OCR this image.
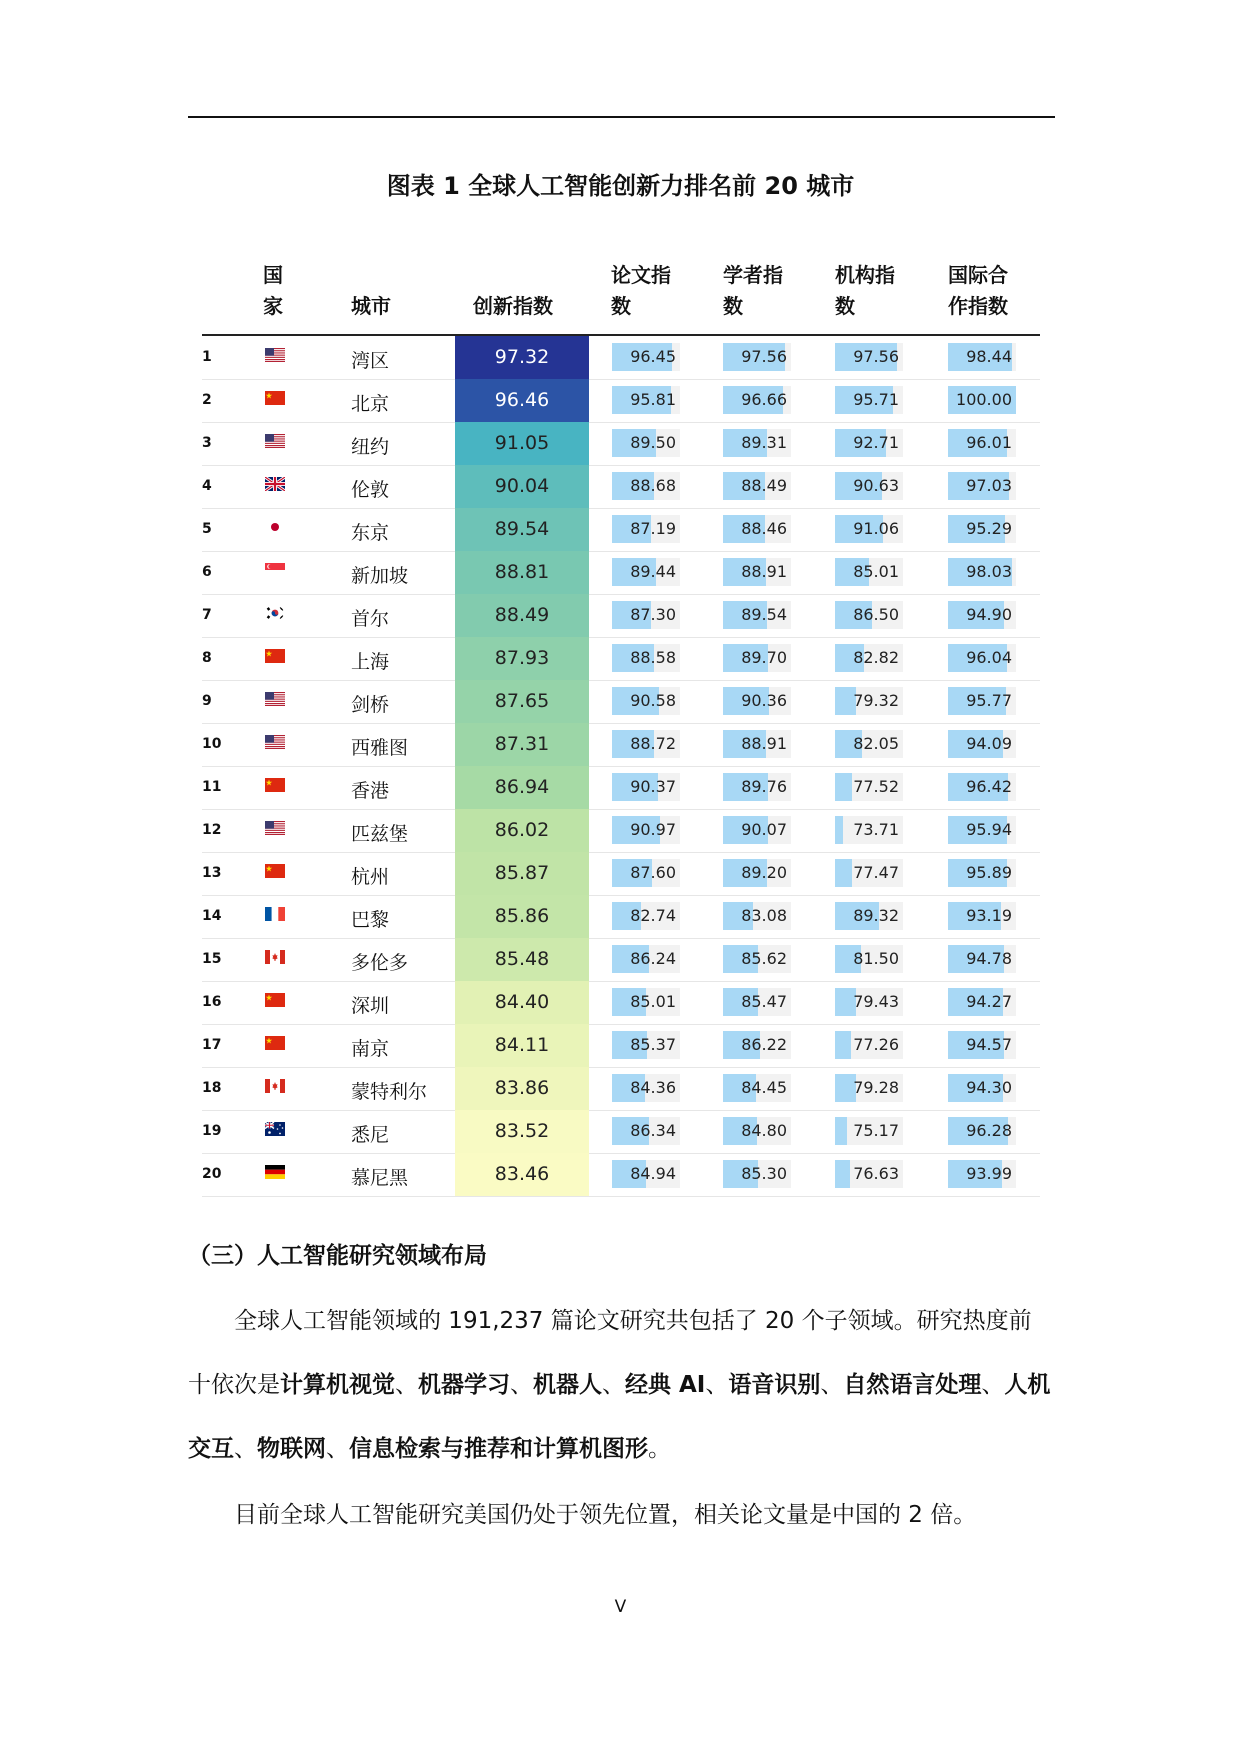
图表 1 全球人工智能创新力排名前 20 城市
国
家	城市	创新指数
论文指
数
学者指
数
机构指
数
国际合
作指数
1	湾区	97.32	96.45	97.56	97.56	98.44
2	北京	96.46	95.81	96.66	95.71	100.00
3	纽约	91.05	89.50	89.31	92.71	96.01
4	伦敦	90.04	88.68	88.49	90.63	97.03
5	东京	89.54	87.19	88.46	91.06	95.29
6	新加坡	88.81	89.44	88.91	85.01	98.03
7	首尔	88.49	87.30	89.54	86.50	94.90
8	上海	87.93	88.58	89.70	82.82	96.04
9	剑桥	87.65	90.58	90.36	79.32	95.77
10	西雅图	87.31	88.72	88.91	82.05	94.09
11	香港	86.94	90.37	89.76	77.52	96.42
12	匹兹堡	86.02	90.97	90.07	73.71	95.94
13	杭州	85.87	87.60	89.20	77.47	95.89
14	巴黎	85.86	82.74	83.08	89.32	93.19
15	多伦多	85.48	86.24	85.62	81.50	94.78
16	深圳	84.40	85.01	85.47	79.43	94.27
17	南京	84.11	85.37	86.22	77.26	94.57
18	蒙特利尔	83.86	84.36	84.45	79.28	94.30
19	悉尼	83.52	86.34	84.80	75.17	96.28
20	慕尼黑	83.46	84.94	85.30	76.63	93.99
（三）人工智能研究领域布局
全球人工智能领域的 191,237 篇论文研究共包括了 20 个子领域。研究热度前十依次是计算机视觉、机器学习、机器人、经典 AI、语音识别、自然语言处理、人机交互、物联网、信息检索与推荐和计算机图形。
目前全球人工智能研究美国仍处于领先位置，相关论文量是中国的 2 倍。
V
